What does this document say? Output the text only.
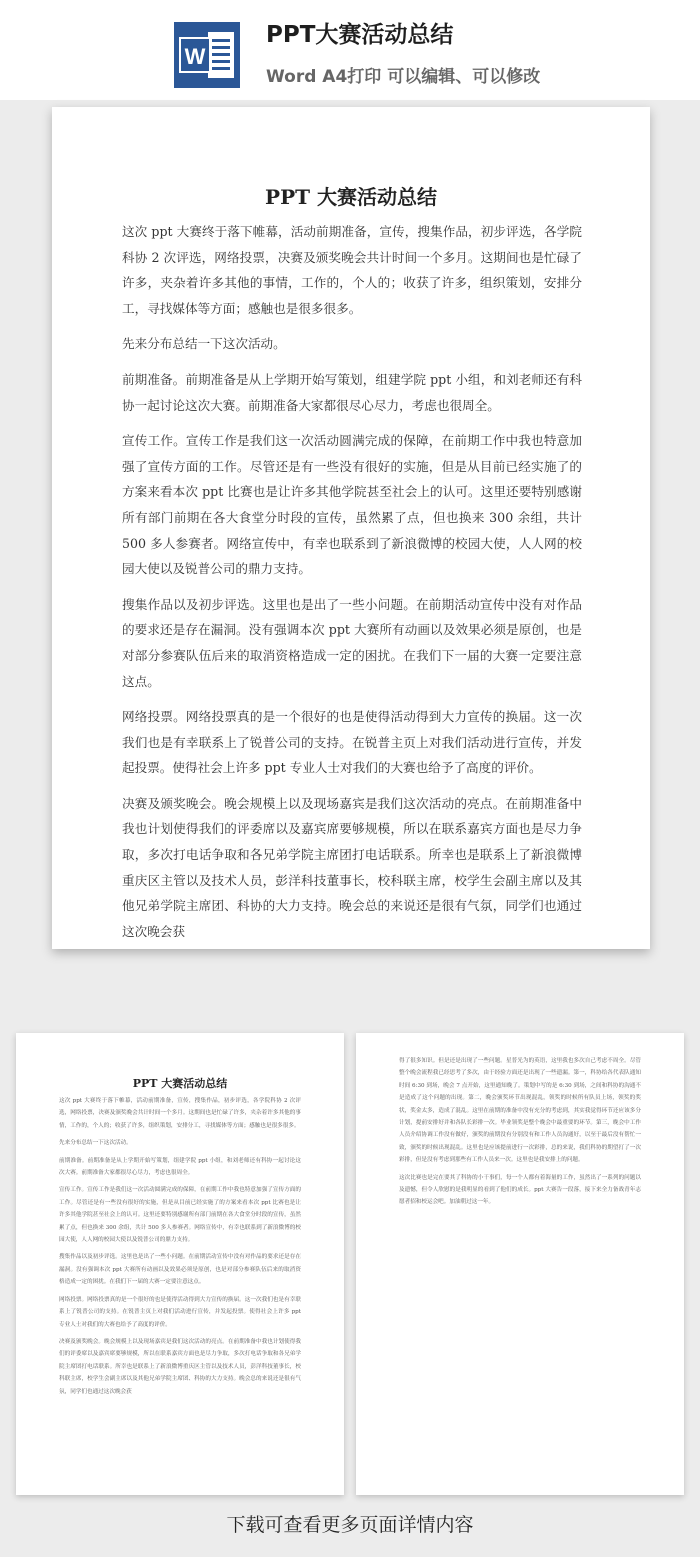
W
PPT大赛活动总结
Word A4打印 可以编辑、可以修改
PPT 大赛活动总结

这次 ppt 大赛终于落下帷幕，活动前期准备，宣传，搜集作品，初步评选，各学院科协 2 次评选，网络投票，决赛及颁奖晚会共计时间一个多月。这期间也是忙碌了许多，夹杂着许多其他的事情，工作的，个人的；收获了许多，组织策划，安排分工，寻找媒体等方面；感触也是很多很多。

先来分布总结一下这次活动。

前期准备。前期准备是从上学期开始写策划，组建学院 ppt 小组，和刘老师还有科协一起讨论这次大赛。前期准备大家都很尽心尽力，考虑也很周全。

宣传工作。宣传工作是我们这一次活动圆满完成的保障，在前期工作中我也特意加强了宣传方面的工作。尽管还是有一些没有很好的实施，但是从目前已经实施了的方案来看本次 ppt 比赛也是让许多其他学院甚至社会上的认可。这里还要特别感谢所有部门前期在各大食堂分时段的宣传，虽然累了点，但也换来 300 余组，共计 500 多人参赛者。网络宣传中，有幸也联系到了新浪微博的校园大使，人人网的校园大使以及锐普公司的鼎力支持。

搜集作品以及初步评选。这里也是出了一些小问题。在前期活动宣传中没有对作品的要求还是存在漏洞。没有强调本次 ppt 大赛所有动画以及效果必须是原创，也是对部分参赛队伍后来的取消资格造成一定的困扰。在我们下一届的大赛一定要注意这点。

网络投票。网络投票真的是一个很好的也是使得活动得到大力宣传的换届。这一次我们也是有幸联系上了锐普公司的支持。在锐普主页上对我们活动进行宣传，并发起投票。使得社会上许多 ppt 专业人士对我们的大赛也给予了高度的评价。

决赛及颁奖晚会。晚会规模上以及现场嘉宾是我们这次活动的亮点。在前期准备中我也计划使得我们的评委席以及嘉宾席要够规模，所以在联系嘉宾方面也是尽力争取，多次打电话争取和各兄弟学院主席团打电话联系。所幸也是联系上了新浪微博重庆区主管以及技术人员，彭洋科技董事长，校科联主席，校学生会副主席以及其他兄弟学院主席团、科协的大力支持。晚会总的来说还是很有气氛，同学们也通过这次晚会获

PPT 大赛活动总结

这次 ppt 大赛终于落下帷幕，活动前期准备，宣传，搜集作品，初步评选，各学院科协 2 次评选，网络投票，决赛及颁奖晚会共计时间一个多月。这期间也是忙碌了许多，夹杂着许多其他的事情，工作的，个人的；收获了许多，组织策划，安排分工，寻找媒体等方面；感触也是很多很多。

先来分布总结一下这次活动。

前期准备。前期准备是从上学期开始写策划，组建学院 ppt 小组，和刘老师还有科协一起讨论这次大赛。前期准备大家都很尽心尽力，考虑也很周全。

宣传工作。宣传工作是我们这一次活动圆满完成的保障，在前期工作中我也特意加强了宣传方面的工作。尽管还是有一些没有很好的实施，但是从目前已经实施了的方案来看本次 ppt 比赛也是让许多其他学院甚至社会上的认可。这里还要特别感谢所有部门前期在各大食堂分时段的宣传，虽然累了点，但也换来 300 余组，共计 500 多人参赛者。网络宣传中，有幸也联系到了新浪微博的校园大使，人人网的校园大使以及锐普公司的鼎力支持。

搜集作品以及初步评选。这里也是出了一些小问题。在前期活动宣传中没有对作品的要求还是存在漏洞。没有强调本次 ppt 大赛所有动画以及效果必须是原创，也是对部分参赛队伍后来的取消资格造成一定的困扰。在我们下一届的大赛一定要注意这点。

网络投票。网络投票真的是一个很好的也是使得活动得到大力宣传的换届。这一次我们也是有幸联系上了锐普公司的支持。在锐普主页上对我们活动进行宣传，并发起投票。使得社会上许多 ppt 专业人士对我们的大赛也给予了高度的评价。

决赛及颁奖晚会。晚会规模上以及现场嘉宾是我们这次活动的亮点。在前期准备中我也计划使得我们的评委席以及嘉宾席要够规模，所以在联系嘉宾方面也是尽力争取，多次打电话争取和各兄弟学院主席团打电话联系。所幸也是联系上了新浪微博重庆区主管以及技术人员，彭洋科技董事长，校科联主席，校学生会副主席以及其他兄弟学院主席团、科协的大力支持。晚会总的来说还是很有气氛，同学们也通过这次晚会获

得了很多知识。但是还是出现了一些问题。星普光为的英语，这里我也多次自己考虑不周全。尽管整个晚会流程我已经思考了多次，由于经验方面还是出现了一些遗漏。第一，科协给各代表队通知时间 6:30 到场，晚会 7 点开始，这里通知晚了。策划中写的是 6:30 到场，之间和科协的沟通不是造成了这个问题的出现。第二，晚会颁奖环节出现混乱，领奖的时候所有队员上场，领奖的奖状，奖金太多，造成了混乱。这里在前期的准备中没有充分的考虑到，其实我觉得环节还应该多分计划，提前安排好并和各队长彩排一次。毕业领奖是整个晚会中最重要的环节。第三，晚会中工作人员介绍协调工作没有做好，颁奖的前期没有分别没有和工作人员沟通好，以至于最后没有帮忙一致，颁奖的时候出现混乱。这里也是应该提前进行一次彩排，总的来说，我们科协的期望打了一次彩排，但是没有考虑到那些有工作人员来一次。这里也是我安排上的问题。

这次比赛也是完在要其了科协的小干事们，每一个人都有着海量的工作，虽然出了一系列的问题以及遗憾，但令人欣慰的是我明显的看到了他们的成长。ppt 大赛告一段落，接下来全力备战青年志愿者招和校运会吧。加油朝过这一年。

下载可查看更多页面详情内容
